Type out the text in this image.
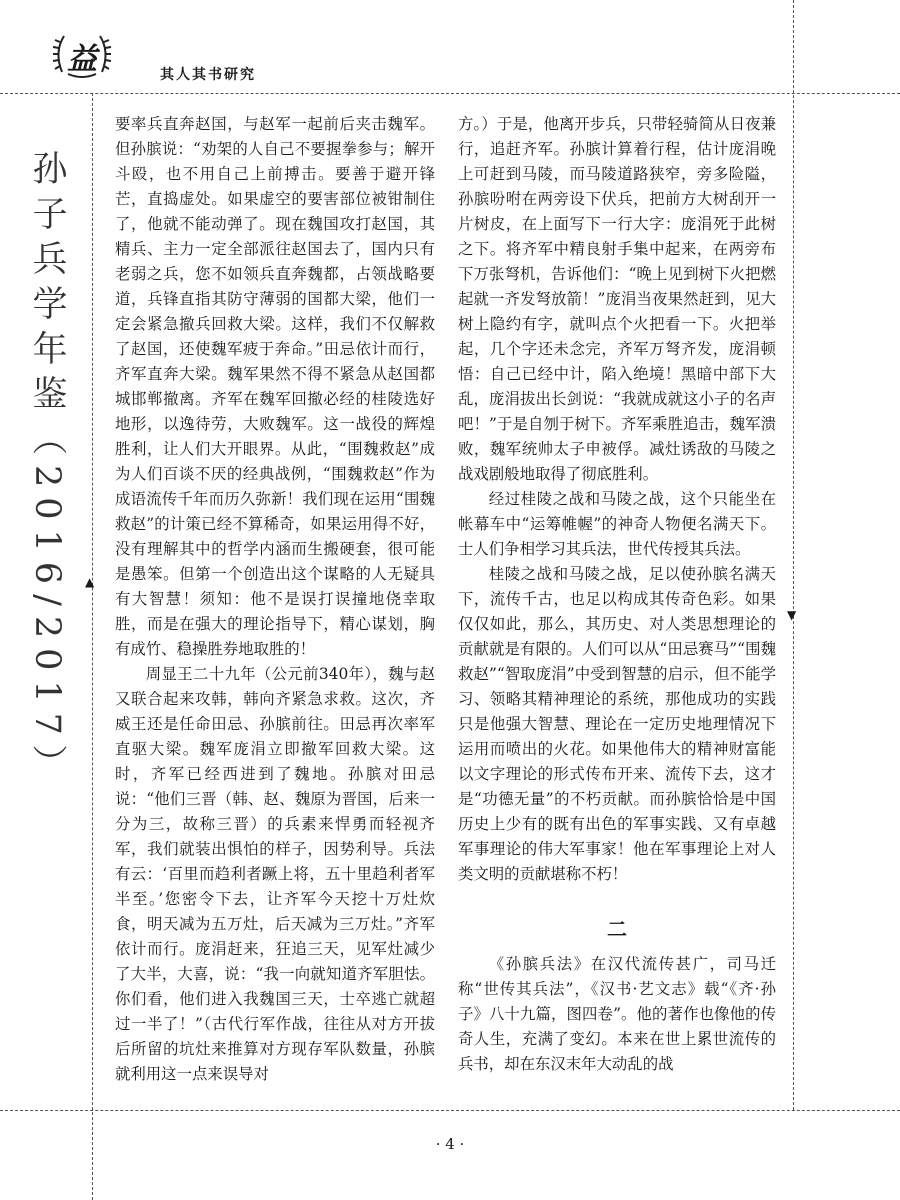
益	其人其书研究
孙子兵学年鉴（2016/2017）	▲
▼

要率兵直奔赵国，与赵军一起前后夹击魏军。但孙膑说：“劝架的人自己不要握拳参与；解开斗殴，也不用自己上前搏击。要善于避开锋芒，直捣虚处。如果虚空的要害部位被钳制住了，他就不能动弹了。现在魏国攻打赵国，其精兵、主力一定全部派往赵国去了，国内只有老弱之兵，您不如领兵直奔魏都，占领战略要道，兵锋直指其防守薄弱的国都大梁，他们一定会紧急撤兵回救大梁。这样，我们不仅解救了赵国，还使魏军疲于奔命。”田忌依计而行，齐军直奔大梁。魏军果然不得不紧急从赵国都城邯郸撤离。齐军在魏军回撤必经的桂陵选好地形，以逸待劳，大败魏军。这一战役的辉煌胜利，让人们大开眼界。从此，“围魏救赵”成为人们百谈不厌的经典战例，“围魏救赵”作为成语流传千年而历久弥新！我们现在运用“围魏救赵”的计策已经不算稀奇，如果运用得不好，没有理解其中的哲学内涵而生搬硬套，很可能是愚笨。但第一个创造出这个谋略的人无疑具有大智慧！须知：他不是误打误撞地侥幸取胜，而是在强大的理论指导下，精心谋划，胸有成竹、稳操胜券地取胜的！

周显王二十九年（公元前340年），魏与赵又联合起来攻韩，韩向齐紧急求救。这次，齐威王还是任命田忌、孙膑前往。田忌再次率军直驱大梁。魏军庞涓立即撤军回救大梁。这时，齐军已经西进到了魏地。孙膑对田忌说：“他们三晋（韩、赵、魏原为晋国，后来一分为三，故称三晋）的兵素来悍勇而轻视齐军，我们就装出惧怕的样子，因势利导。兵法有云：‘百里而趋利者蹶上将，五十里趋利者军半至。’您密令下去，让齐军今天挖十万灶炊食，明天减为五万灶，后天减为三万灶。”齐军依计而行。庞涓赶来，狂追三天，见军灶减少了大半，大喜，说：“我一向就知道齐军胆怯。你们看，他们进入我魏国三天，士卒逃亡就超过一半了！”（古代行军作战，往往从对方开拔后所留的坑灶来推算对方现存军队数量，孙膑就利用这一点来误导对

方。）于是，他离开步兵，只带轻骑简从日夜兼行，追赶齐军。孙膑计算着行程，估计庞涓晚上可赶到马陵，而马陵道路狭窄，旁多险隘，孙膑吩咐在两旁设下伏兵，把前方大树刮开一片树皮，在上面写下一行大字：庞涓死于此树之下。将齐军中精良射手集中起来，在两旁布下万张弩机，告诉他们：“晚上见到树下火把燃起就一齐发弩放箭！”庞涓当夜果然赶到，见大树上隐约有字，就叫点个火把看一下。火把举起，几个字还未念完，齐军万弩齐发，庞涓顿悟：自己已经中计，陷入绝境！黑暗中部下大乱，庞涓拔出长剑说：“我就成就这小子的名声吧！”于是自刎于树下。齐军乘胜追击，魏军溃败，魏军统帅太子申被俘。减灶诱敌的马陵之战戏剧般地取得了彻底胜利。

经过桂陵之战和马陵之战，这个只能坐在帐幕车中“运筹帷幄”的神奇人物便名满天下。士人们争相学习其兵法，世代传授其兵法。

桂陵之战和马陵之战，足以使孙膑名满天下，流传千古，也足以构成其传奇色彩。如果仅仅如此，那么，其历史、对人类思想理论的贡献就是有限的。人们可以从“田忌赛马”“围魏救赵”“智取庞涓”中受到智慧的启示，但不能学习、领略其精神理论的系统，那他成功的实践只是他强大智慧、理论在一定历史地理情况下运用而喷出的火花。如果他伟大的精神财富能以文字理论的形式传布开来、流传下去，这才是“功德无量”的不朽贡献。而孙膑恰恰是中国历史上少有的既有出色的军事实践、又有卓越军事理论的伟大军事家！他在军事理论上对人类文明的贡献堪称不朽！

二

《孙膑兵法》在汉代流传甚广，司马迁称“世传其兵法”，《汉书·艺文志》载“《齐·孙子》八十九篇，图四卷”。他的著作也像他的传奇人生，充满了变幻。本来在世上累世流传的兵书，却在东汉末年大动乱的战

· 4 ·
